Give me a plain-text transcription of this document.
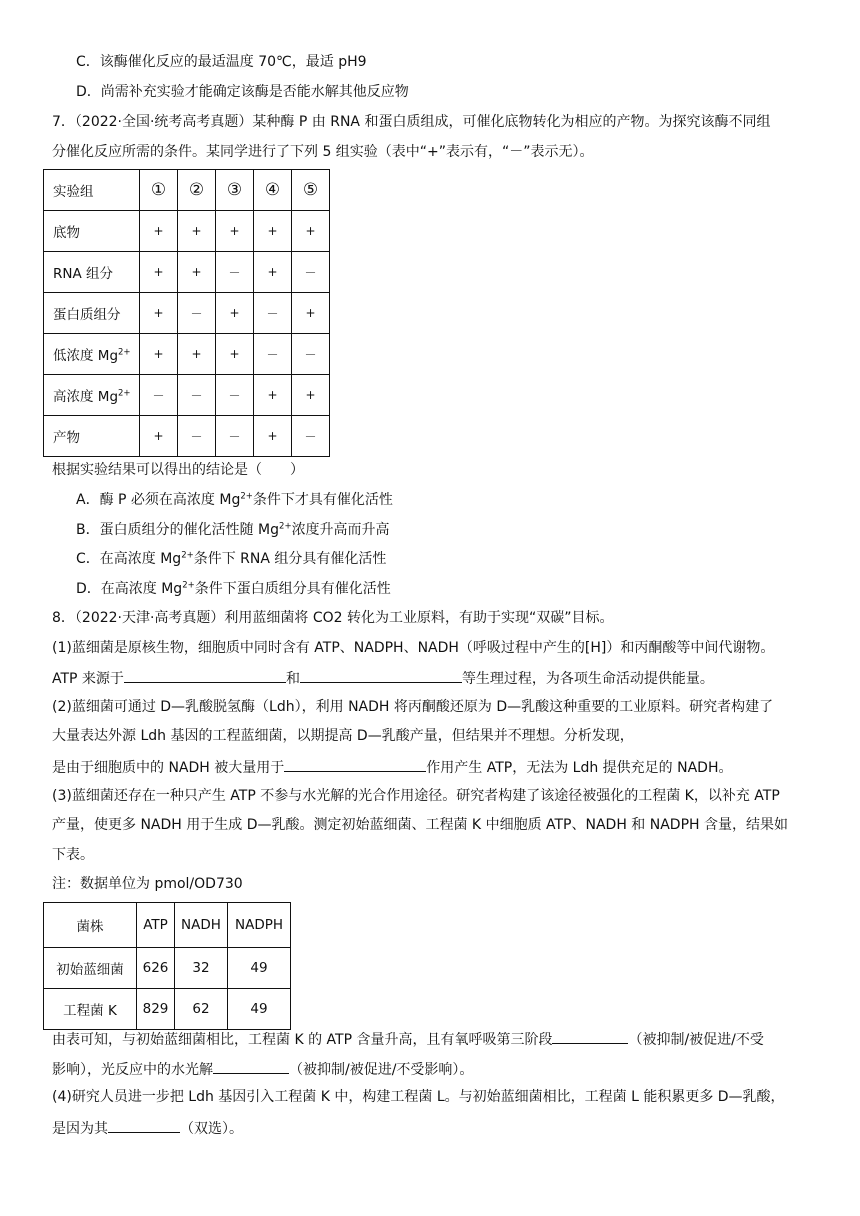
C．该酶催化反应的最适温度 70℃，最适 pH9
D．尚需补充实验才能确定该酶是否能水解其他反应物
7．（2022·全国·统考高考真题）某种酶 P 由 RNA 和蛋白质组成，可催化底物转化为相应的产物。为探究该酶不同组
分催化反应所需的条件。某同学进行了下列 5 组实验（表中“+”表示有，“－”表示无）。
实验组	①	②	③	④	⑤
底物	+	+	+	+	+
RNA 组分	+	+	－	+	－
蛋白质组分	+	－	+	－	+
低浓度 $Mg^{2+}$	+	+	+	－	－
高浓度 $Mg^{2+}$	－	－	－	+	+
产物	+	－	－	+	－
根据实验结果可以得出的结论是（　　）
A．酶 P 必须在高浓度 $Mg^{2+}$条件下才具有催化活性
B．蛋白质组分的催化活性随 $Mg^{2+}$浓度升高而升高
C．在高浓度 $Mg^{2+}$条件下 RNA 组分具有催化活性
D．在高浓度 $Mg^{2+}$条件下蛋白质组分具有催化活性
8．（2022·天津·高考真题）利用蓝细菌将 CO2 转化为工业原料，有助于实现“双碳”目标。
(1)蓝细菌是原核生物，细胞质中同时含有 ATP、NADPH、NADH（呼吸过程中产生的[H]）和丙酮酸等中间代谢物。
ATP 来源于	和	等生理过程，为各项生命活动提供能量。
(2)蓝细菌可通过 D—乳酸脱氢酶（Ldh），利用 NADH 将丙酮酸还原为 D—乳酸这种重要的工业原料。研究者构建了
大量表达外源 Ldh 基因的工程蓝细菌，以期提高 D—乳酸产量，但结果并不理想。分析发现，
是由于细胞质中的 NADH 被大量用于	作用产生 ATP，无法为 Ldh 提供充足的 NADH。
(3)蓝细菌还存在一种只产生 ATP 不参与水光解的光合作用途径。研究者构建了该途径被强化的工程菌 K，以补充 ATP
产量，使更多 NADH 用于生成 D—乳酸。测定初始蓝细菌、工程菌 K 中细胞质 ATP、NADH 和 NADPH 含量，结果如
下表。
注：数据单位为 pmol/OD730
菌株	ATP	NADH	NADPH
初始蓝细菌	626	32	49
工程菌 K	829	62	49
由表可知，与初始蓝细菌相比，工程菌 K 的 ATP 含量升高，且有氧呼吸第三阶段	（被抑制/被促进/不受
影响），光反应中的水光解	（被抑制/被促进/不受影响）。
(4)研究人员进一步把 Ldh 基因引入工程菌 K 中，构建工程菌 L。与初始蓝细菌相比，工程菌 L 能积累更多 D—乳酸，
是因为其	（双选）。
